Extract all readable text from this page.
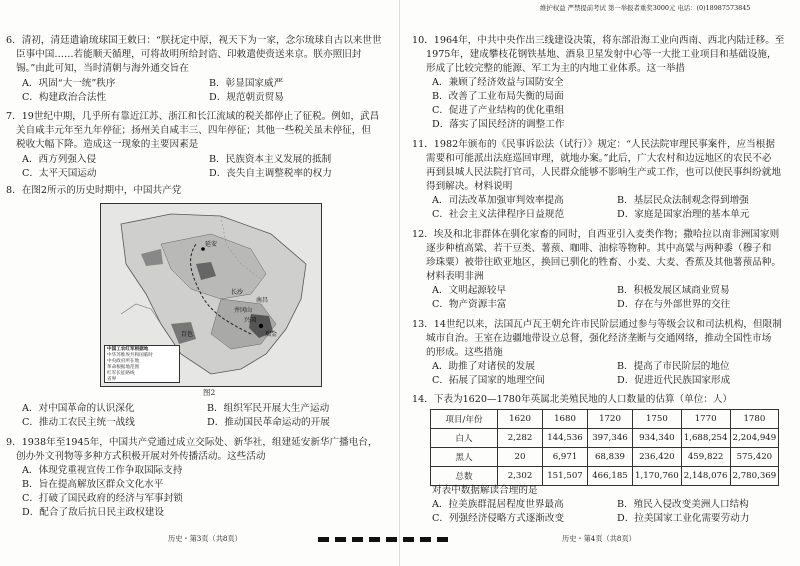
维护权益 严禁提前考试 第一举报者重奖3000元 电话：(0)18987573845

6．清初，清廷遣谕琉球国王敕曰：“朕抚定中原，视天下为一家，念尔琉球自古以来世世

臣事中国……若能顺天循理，可将故明所给封诰、印敕遣使赍送来京。朕亦照旧封

锡。”由此可知，当时清朝与海外通交旨在

A．巩固“大一统”秩序	B．彰显国家威严
C．构建政治合法性	D．规范朝贡贸易

7．19世纪中期，几乎所有靠近江苏、浙江和长江流域的税关都停止了征税。例如，武昌

关自咸丰元年至九年停征；扬州关自咸丰三、四年停征；其他一些税关虽未停征，但

税收大幅下降。造成这一现象的主要因素是

A．西方列强入侵	B．民族资本主义发展的抵制
C．太平天国运动	D．丧失自主调整税率的权力

8．在图2所示的历史时期中，中国共产党

兴国
瑞金
长沙
南昌
井冈山
百色
延安
中国工农红军根据地
中华苏维埃共和国临时
中央政府所在地
革命根据地范围
红军长征路线
省界
图2
A．对中国革命的认识深化	B．组织军民开展大生产运动
C．推动工农民主统一战线	D．推动国民革命运动的开展

9．1938年至1945年，中国共产党通过成立交际处、新华社，组建延安新华广播电台，

创办外文刊物等多种方式积极开展对外传播活动。这些活动

A．体现党重视宣传工作争取国际支持

B．旨在提高解放区群众文化水平

C．打破了国民政府的经济与军事封锁

D．配合了敌后抗日民主政权建设

历史・第3页（共8页）

10．1964年，中共中央作出三线建设决策，将东部沿海工业向西南、西北内陆迁移。至

1975年，建成攀枝花钢铁基地、酒泉卫星发射中心等一大批工业项目和基础设施，

形成了比较完整的能源、军工为主的内地工业体系。这一举措

A．兼顾了经济效益与国防安全

B．改善了工业布局失衡的局面

C．促进了产业结构的优化重组

D．落实了国民经济的调整工作

11．1982年颁布的《民事诉讼法（试行）》规定：“人民法院审理民事案件，应当根据

需要和可能派出法庭巡回审理，就地办案。”此后，广大农村和边远地区的农民不必

再到县城人民法院打官司，人民群众能够不影响生产或工作，也可以使民事纠纷就地

得到解决。材料说明

A．司法改革加强审判效率提高	B．基层民众法制观念得到增强
C．社会主义法律程序日益规范	D．家庭是国家治理的基本单元

12．埃及和北非群体在驯化家畜的同时，自西亚引入麦类作物；撒哈拉以南非洲国家则

逐步种植高粱、若干豆类、薯蓣、咖啡、油棕等物种。其中高粱与两种黍（穆子和

珍珠粟）被带往欧亚地区，换回已驯化的牲畜、小麦、大麦、香蕉及其他薯蓣品种。

材料表明非洲

A．文明起源较早	B．积极发展区域商业贸易
C．物产资源丰富	D．存在与外部世界的交往

13．14世纪以来，法国瓦卢瓦王朝允许市民阶层通过参与等级会议和司法机构，但限制

城市自治。王室在边疆地带设立总督，强化经济垄断与交通网络，推动全国性市场

的形成。这些措施

A．助推了对诸侯的发展	B．提高了市民阶层的地位
C．拓展了国家的地理空间	D．促进近代民族国家形成

14．下表为1620—1780年英属北美殖民地的人口数量的估算（单位：人）

项目/年份	1620	1680	1720	1750	1770	1780
白人	2,282	144,536	397,346	934,340	1,688,254	2,204,949
黑人	20	6,971	68,839	236,420	459,822	575,420
总数	2,302	151,507	466,185	1,170,760	2,148,076	2,780,369

对表中数据解读合理的是

A．拉美族群混居程度世界最高	B．殖民入侵改变美洲人口结构
C．列强经济侵略方式逐渐改变	D．拉美国家工业化需要劳动力
历史・第4页（共8页）
